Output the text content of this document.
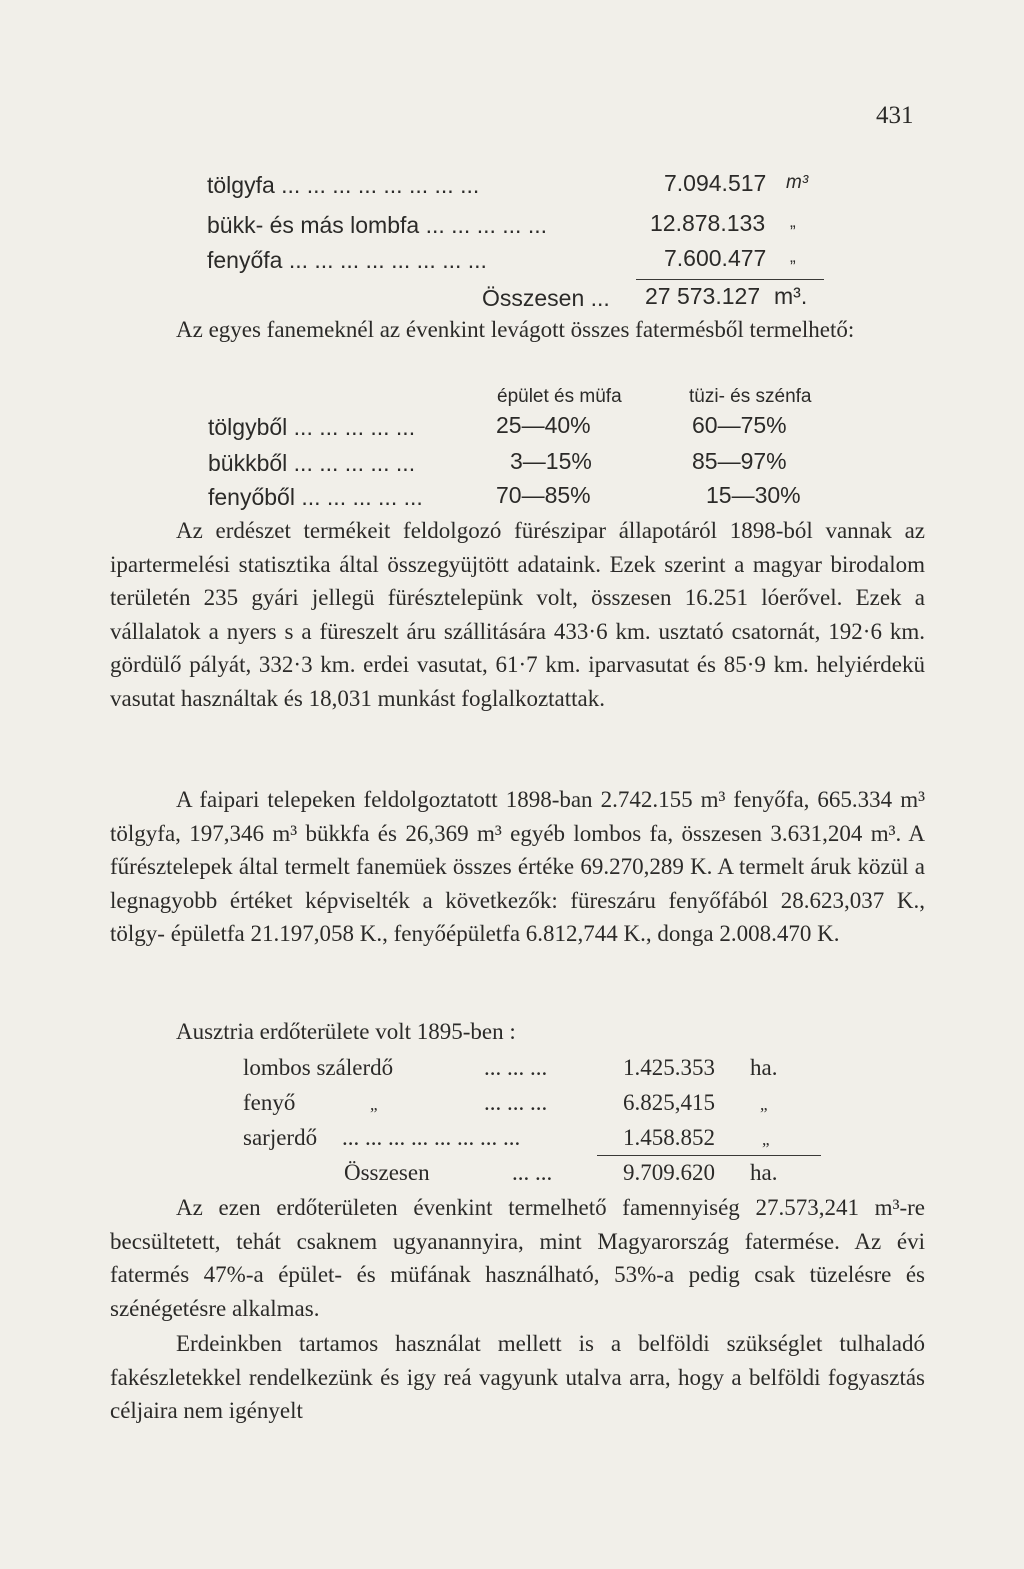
431
tölgyfa ... ... ... ... ... ... ... ...	7.094.517 m³
bükk- és más lombfa ... ... ... ... ...	12.878.133 „
fenyőfa ... ... ... ... ... ... ... ...	7.600.477 „
Összesen ... 27 573.127 m³.
Az egyes fanemeknél az évenkint levágott összes fatermésből termelhető:
épület és müfa	tüzi- és szénfa
tölgyből ... ... ... ... ...	25—40%	60—75%
bükkből ... ... ... ... ...	3—15%	85—97%
fenyőből ... ... ... ... ...	70—85%	15—30%
Az erdészet termékeit feldolgozó fürészipar állapotáról 1898-ból vannak az ipartermelési statisztika által összegyüjtött adataink. Ezek szerint a magyar birodalom területén 235 gyári jellegü fürésztelepünk volt, összesen 16.251 lóerővel. Ezek a vállalatok a nyers s a füreszelt áru szállitására 433·6 km. usztató csatornát, 192·6 km. gördülő pályát, 332·3 km. erdei vasutat, 61·7 km. iparvasutat és 85·9 km. helyiérdekü vasutat használtak és 18,031 munkást foglalkoztattak.
A faipari telepeken feldolgoztatott 1898-ban 2.742.155 m³ fenyőfa, 665.334 m³ tölgyfa, 197,346 m³ bükkfa és 26,369 m³ egyéb lombos fa, összesen 3.631,204 m³. A fűrésztelepek által termelt fanemüek összes értéke 69.270,289 K. A termelt áruk közül a legnagyobb értéket képviselték a következők: füreszáru fenyőfából 28.623,037 K., tölgy- épületfa 21.197,058 K., fenyőépületfa 6.812,744 K., donga 2.008.470 K.
Ausztria erdőterülete volt 1895-ben :
lombos szálerdő	... ... ...	1.425.353 ha.
fenyő	„	... ... ...	6.825,415	„
sarjerdő ... ... ... ... ... ... ... ...	1.458.852	„
Összesen	... ...	9.709.620 ha.
Az ezen erdőterületen évenkint termelhető famennyiség 27.573,241 m³-re becsültetett, tehát csaknem ugyanannyira, mint Magyarország fatermése. Az évi fatermés 47%-a épület- és müfának használható, 53%-a pedig csak tüzelésre és szénégetésre alkalmas.
Erdeinkben tartamos használat mellett is a belföldi szükséglet tulhaladó fakészletekkel rendelkezünk és igy reá vagyunk utalva arra, hogy a belföldi fogyasztás céljaira nem igényelt
